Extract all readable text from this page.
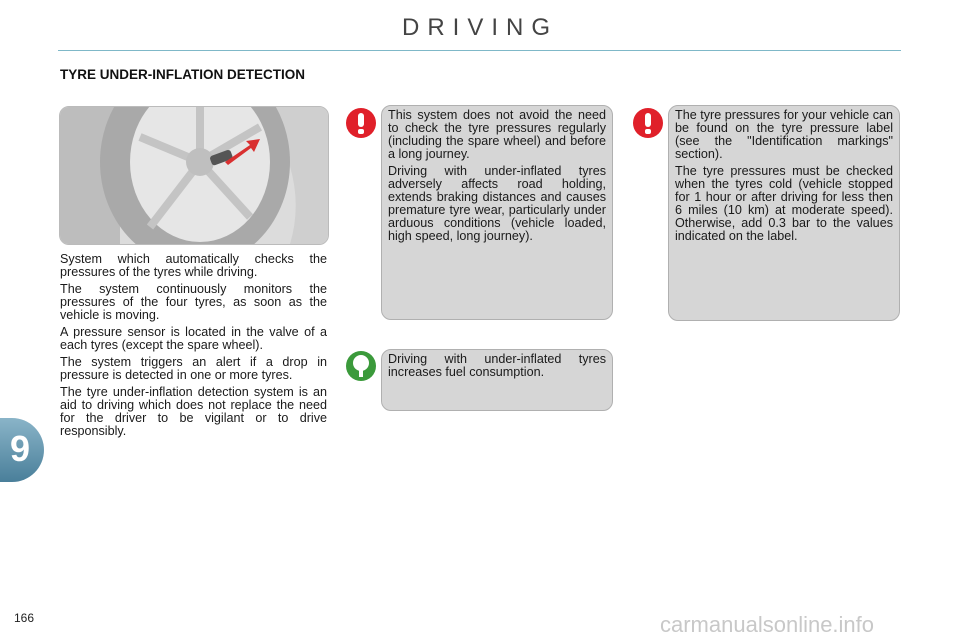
DRIVING
TYRE UNDER-INFLATION DETECTION

System which automatically checks the pressures of the tyres while driving.

The system continuously monitors the pressures of the four tyres, as soon as the vehicle is moving.

A pressure sensor is located in the valve of a each tyres (except the spare wheel).

The system triggers an alert if a drop in pressure is detected in one or more tyres.

The tyre under-inflation detection system is an aid to driving which does not replace the need for the driver to be vigilant or to drive responsibly.

This system does not avoid the need to check the tyre pressures regularly (including the spare wheel) and before a long journey.

Driving with under-inflated tyres adversely affects road holding, extends braking distances and causes premature tyre wear, particularly under arduous conditions (vehicle loaded, high speed, long journey).

Driving with under-inflated tyres increases fuel consumption.

The tyre pressures for your vehicle can be found on the tyre pressure label (see the "Identification markings" section).

The tyre pressures must be checked when the tyres cold (vehicle stopped for 1 hour or after driving for less then 6 miles (10 km) at moderate speed). Otherwise, add 0.3 bar to the values indicated on the label.

9
166	carmanualsonline.info
